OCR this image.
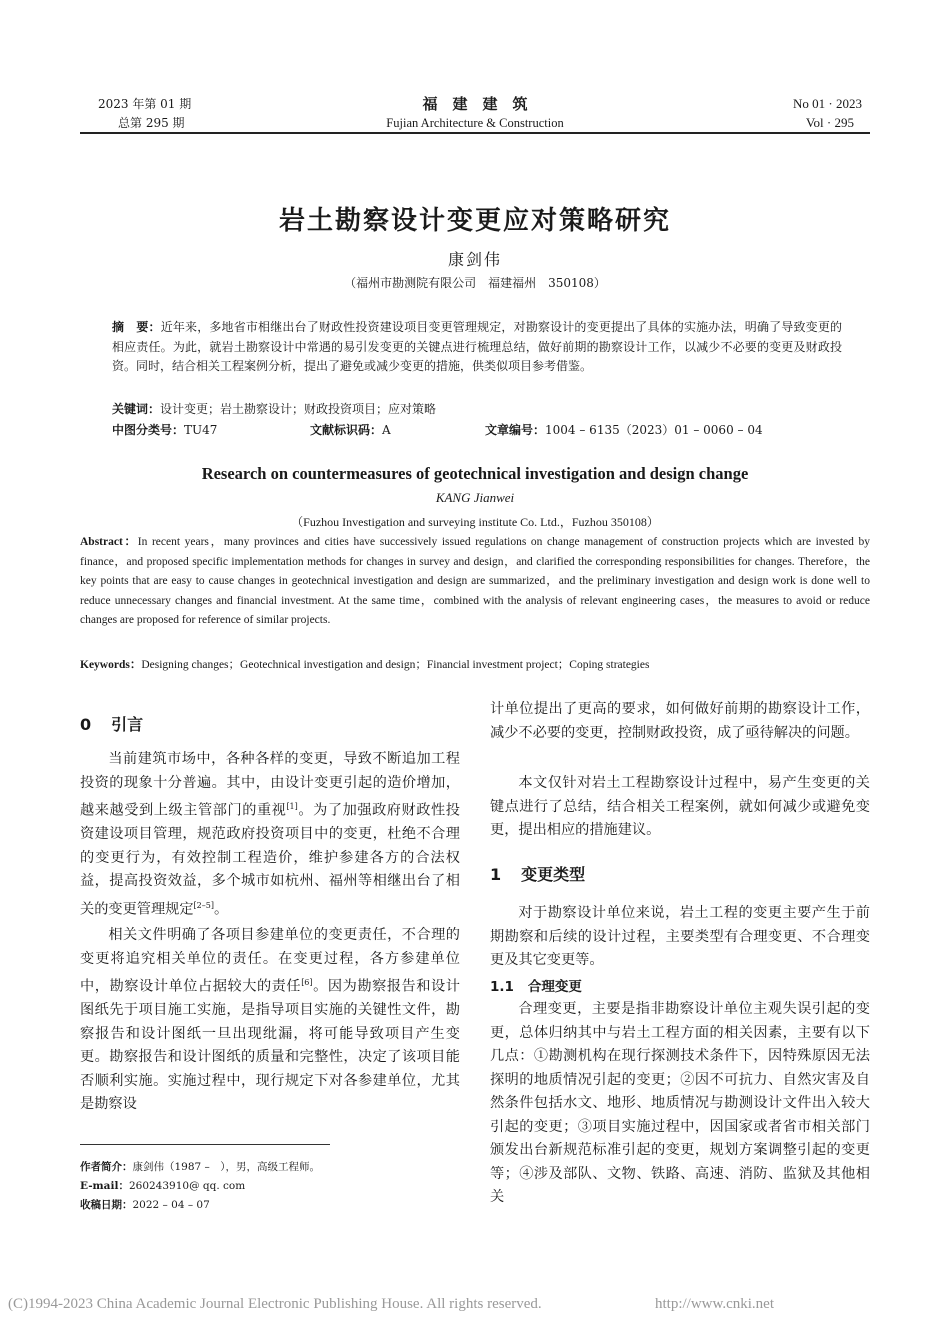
2023 年第 01 期
总第 295 期
福　建　建　筑
Fujian Architecture & Construction
No 01 · 2023
Vol · 295
岩土勘察设计变更应对策略研究
康剑伟
（福州市勘测院有限公司　福建福州　350108）
摘　要：近年来，多地省市相继出台了财政性投资建设项目变更管理规定，对勘察设计的变更提出了具体的实施办法，明确了导致变更的相应责任。为此，就岩土勘察设计中常遇的易引发变更的关键点进行梳理总结，做好前期的勘察设计工作，以减少不必要的变更及财政投资。同时，结合相关工程案例分析，提出了避免或减少变更的措施，供类似项目参考借鉴。
关键词：设计变更；岩土勘察设计；财政投资项目；应对策略
中图分类号：TU47	文献标识码：A	文章编号：1004 – 6135（2023）01 – 0060 – 04
Research on countermeasures of geotechnical investigation and design change
KANG Jianwei
（Fuzhou Investigation and surveying institute Co. Ltd.，Fuzhou 350108）
Abstract：In recent years，many provinces and cities have successively issued regulations on change management of construction projects which are invested by finance，and proposed specific implementation methods for changes in survey and design，and clarified the corresponding responsibilities for changes. Therefore，the key points that are easy to cause changes in geotechnical investigation and design are summarized，and the preliminary investigation and design work is done well to reduce unnecessary changes and financial investment. At the same time，combined with the analysis of relevant engineering cases，the measures to avoid or reduce changes are proposed for reference of similar projects.
Keywords：Designing changes；Geotechnical investigation and design；Financial investment project；Coping strategies
0 引言
当前建筑市场中，各种各样的变更，导致不断追加工程投资的现象十分普遍。其中，由设计变更引起的造价增加，越来越受到上级主管部门的重视[1]。为了加强政府财政性投资建设项目管理，规范政府投资项目中的变更，杜绝不合理的变更行为，有效控制工程造价，维护参建各方的合法权益，提高投资效益，多个城市如杭州、福州等相继出台了相关的变更管理规定[2–5]。
相关文件明确了各项目参建单位的变更责任，不合理的变更将追究相关单位的责任。在变更过程，各方参建单位中，勘察设计单位占据较大的责任[6]。因为勘察报告和设计图纸先于项目施工实施，是指导项目实施的关键性文件，勘察报告和设计图纸一旦出现纰漏，将可能导致项目产生变更。勘察报告和设计图纸的质量和完整性，决定了该项目能否顺利实施。实施过程中，现行规定下对各参建单位，尤其是勘察设
作者简介：康剑伟（1987 –　），男，高级工程师。
E-mail：260243910@ qq. com
收稿日期：2022 – 04 – 07
计单位提出了更高的要求，如何做好前期的勘察设计工作，减少不必要的变更，控制财政投资，成了亟待解决的问题。
本文仅针对岩土工程勘察设计过程中，易产生变更的关键点进行了总结，结合相关工程案例，就如何减少或避免变更，提出相应的措施建议。
1 变更类型
对于勘察设计单位来说，岩土工程的变更主要产生于前期勘察和后续的设计过程，主要类型有合理变更、不合理变更及其它变更等。
1.1 合理变更
合理变更，主要是指非勘察设计单位主观失误引起的变更，总体归纳其中与岩土工程方面的相关因素，主要有以下几点：①勘测机构在现行探测技术条件下，因特殊原因无法探明的地质情况引起的变更；②因不可抗力、自然灾害及自然条件包括水文、地形、地质情况与勘测设计文件出入较大引起的变更；③项目实施过程中，因国家或者省市相关部门颁发出台新规范标准引起的变更，规划方案调整引起的变更等；④涉及部队、文物、铁路、高速、消防、监狱及其他相关
(C)1994-2023 China Academic Journal Electronic Publishing House. All rights reserved.	http://www.cnki.net
